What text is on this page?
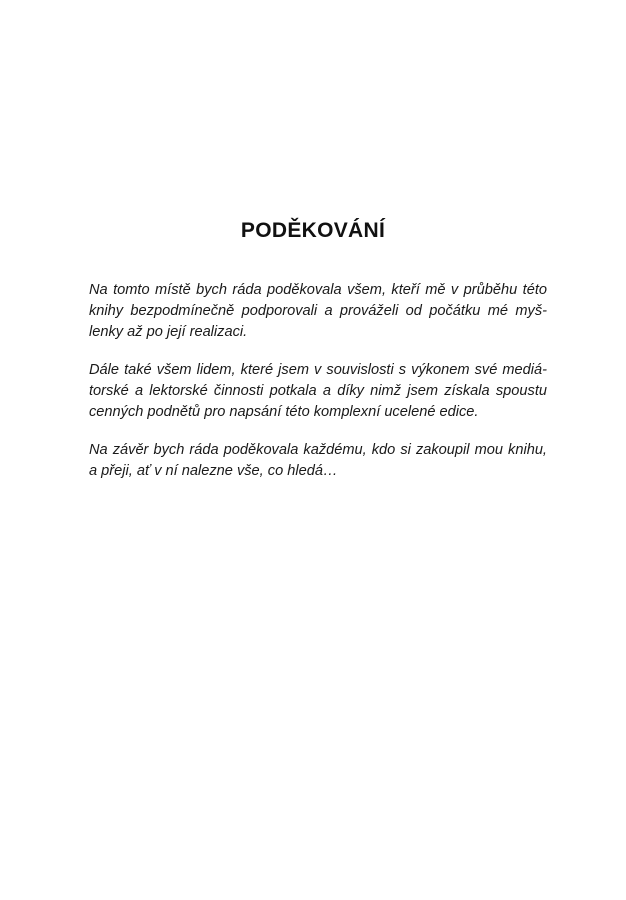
PODĚKOVÁNÍ

Na tomto místě bych ráda poděkovala všem, kteří mě v průběhu této
knihy bezpodmínečně podporovali a prováželi od počátku mé myš-
lenky až po její realizaci.

Dále také všem lidem, které jsem v souvislosti s výkonem své mediá-
torské a lektorské činnosti potkala a díky nimž jsem získala spoustu
cenných podnětů pro napsání této komplexní ucelené edice.

Na závěr bych ráda poděkovala každému, kdo si zakoupil mou knihu,
a přeji, ať v ní nalezne vše, co hledá…
